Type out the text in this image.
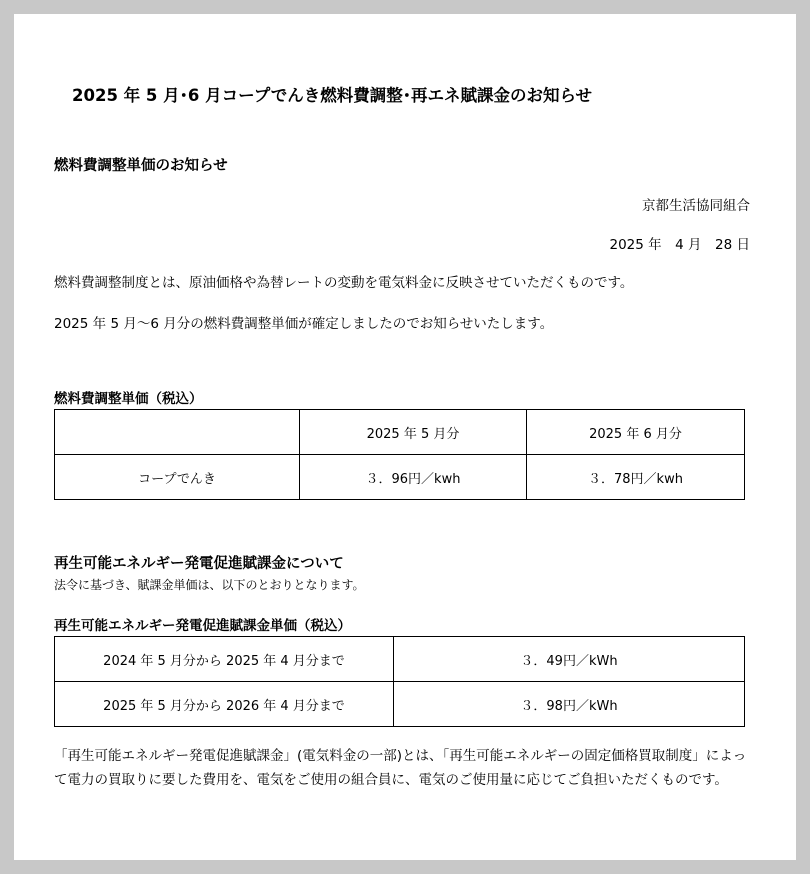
2025 年 5 月･6 月コープでんき燃料費調整･再エネ賦課金のお知らせ
燃料費調整単価のお知らせ
京都生活協同組合
2025 年　4 月　28 日
燃料費調整制度とは、原油価格や為替レートの変動を電気料金に反映させていただくものです。
2025 年 5 月～6 月分の燃料費調整単価が確定しましたのでお知らせいたします。
燃料費調整単価（税込）
	2025 年 5 月分	2025 年 6 月分
コープでんき	３．96円／kwh	３．78円／kwh
再生可能エネルギー発電促進賦課金について
法令に基づき、賦課金単価は、以下のとおりとなります。
再生可能エネルギー発電促進賦課金単価（税込）
2024 年 5 月分から 2025 年 4 月分まで	３．49円／kWh
2025 年 5 月分から 2026 年 4 月分まで	３．98円／kWh
「再生可能エネルギー発電促進賦課金」(電気料金の一部)とは、「再生可能エネルギーの固定価格買取制度」によって電力の買取りに要した費用を、電気をご使用の組合員に、電気のご使用量に応じてご負担いただくものです。
